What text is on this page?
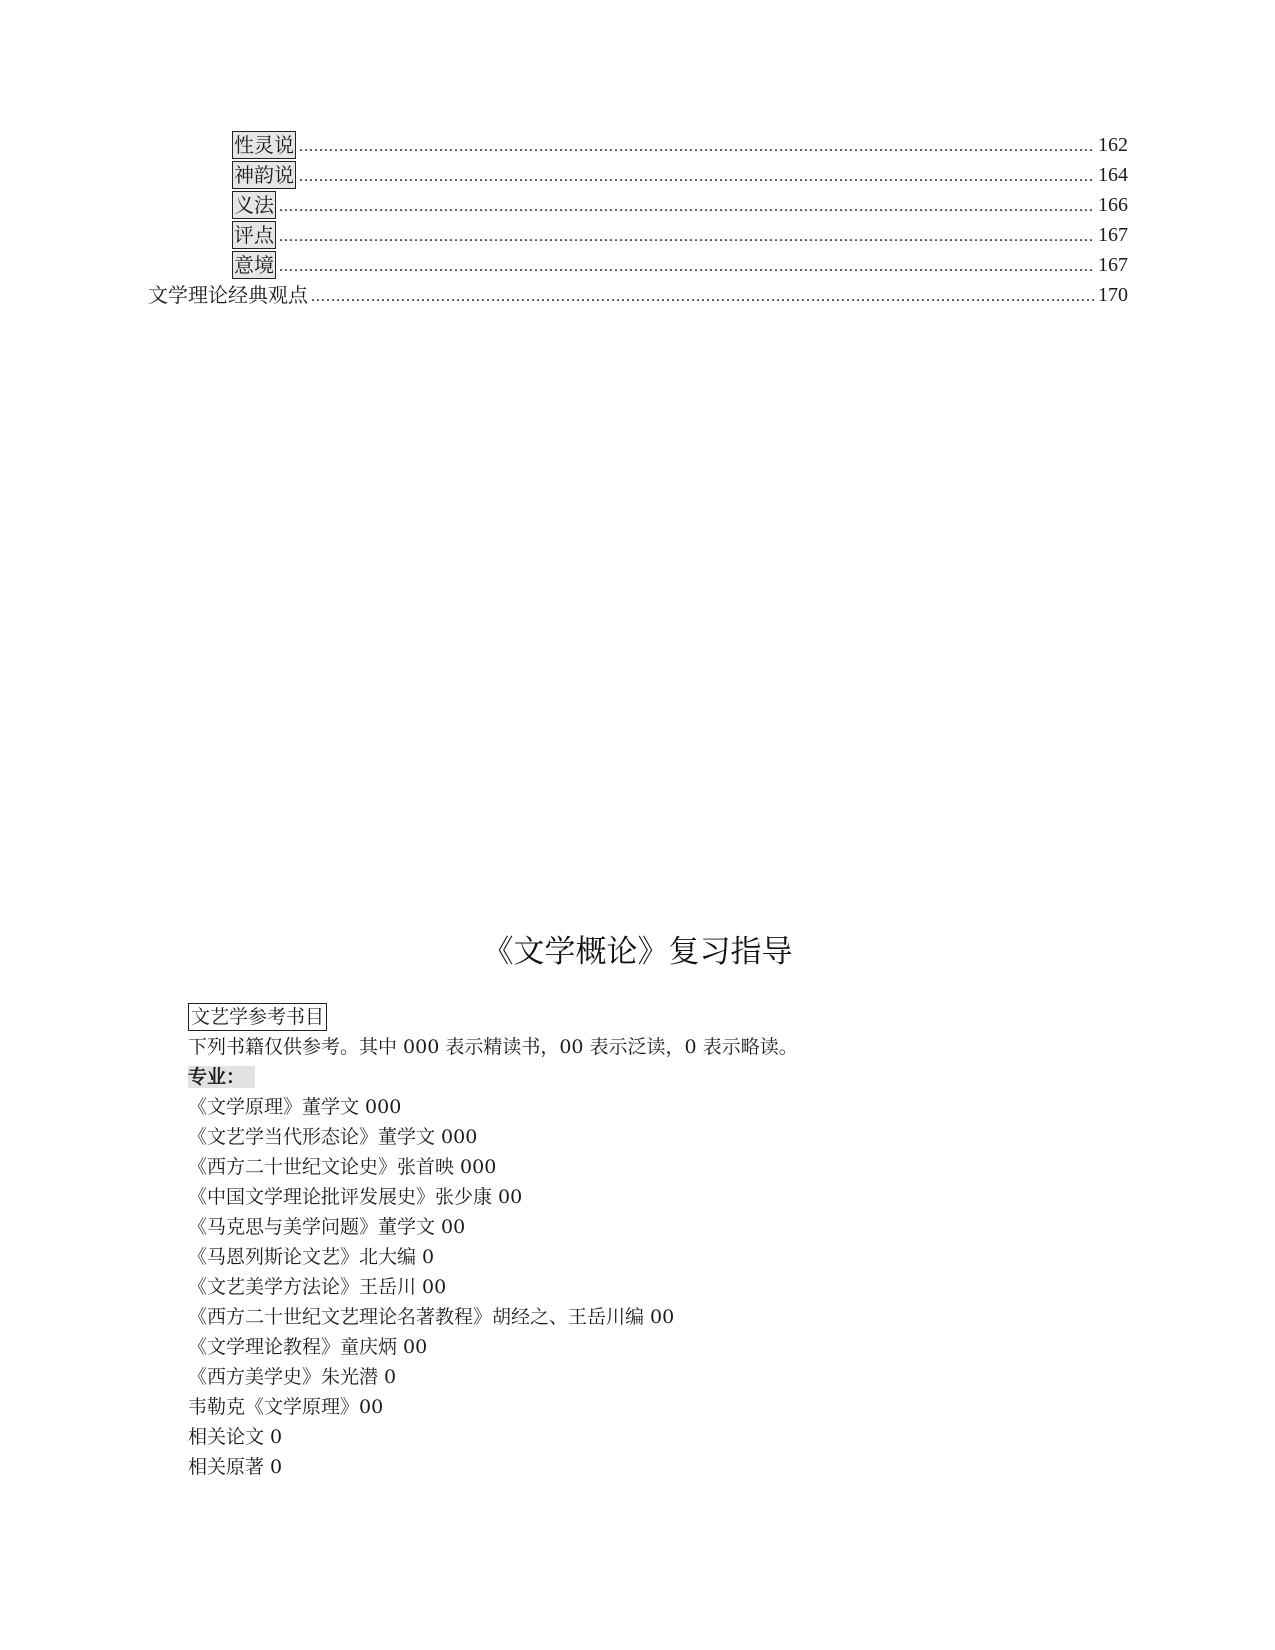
性灵说 .....	162
神韵说 .....	164
义法 .....	166
评点 .....	167
意境 .....	167
文学理论经典观点 .....	170
《文学概论》复习指导
文艺学参考书目
下列书籍仅供参考。其中 000 表示精读书，00 表示泛读，0 表示略读。
专业：
《文学原理》董学文 000
《文艺学当代形态论》董学文 000
《西方二十世纪文论史》张首映 000
《中国文学理论批评发展史》张少康 00
《马克思与美学问题》董学文 00
《马恩列斯论文艺》北大编 0
《文艺美学方法论》王岳川 00
《西方二十世纪文艺理论名著教程》胡经之、王岳川编 00
《文学理论教程》童庆炳 00
《西方美学史》朱光潜 0
韦勒克《文学原理》00
相关论文 0
相关原著 0
